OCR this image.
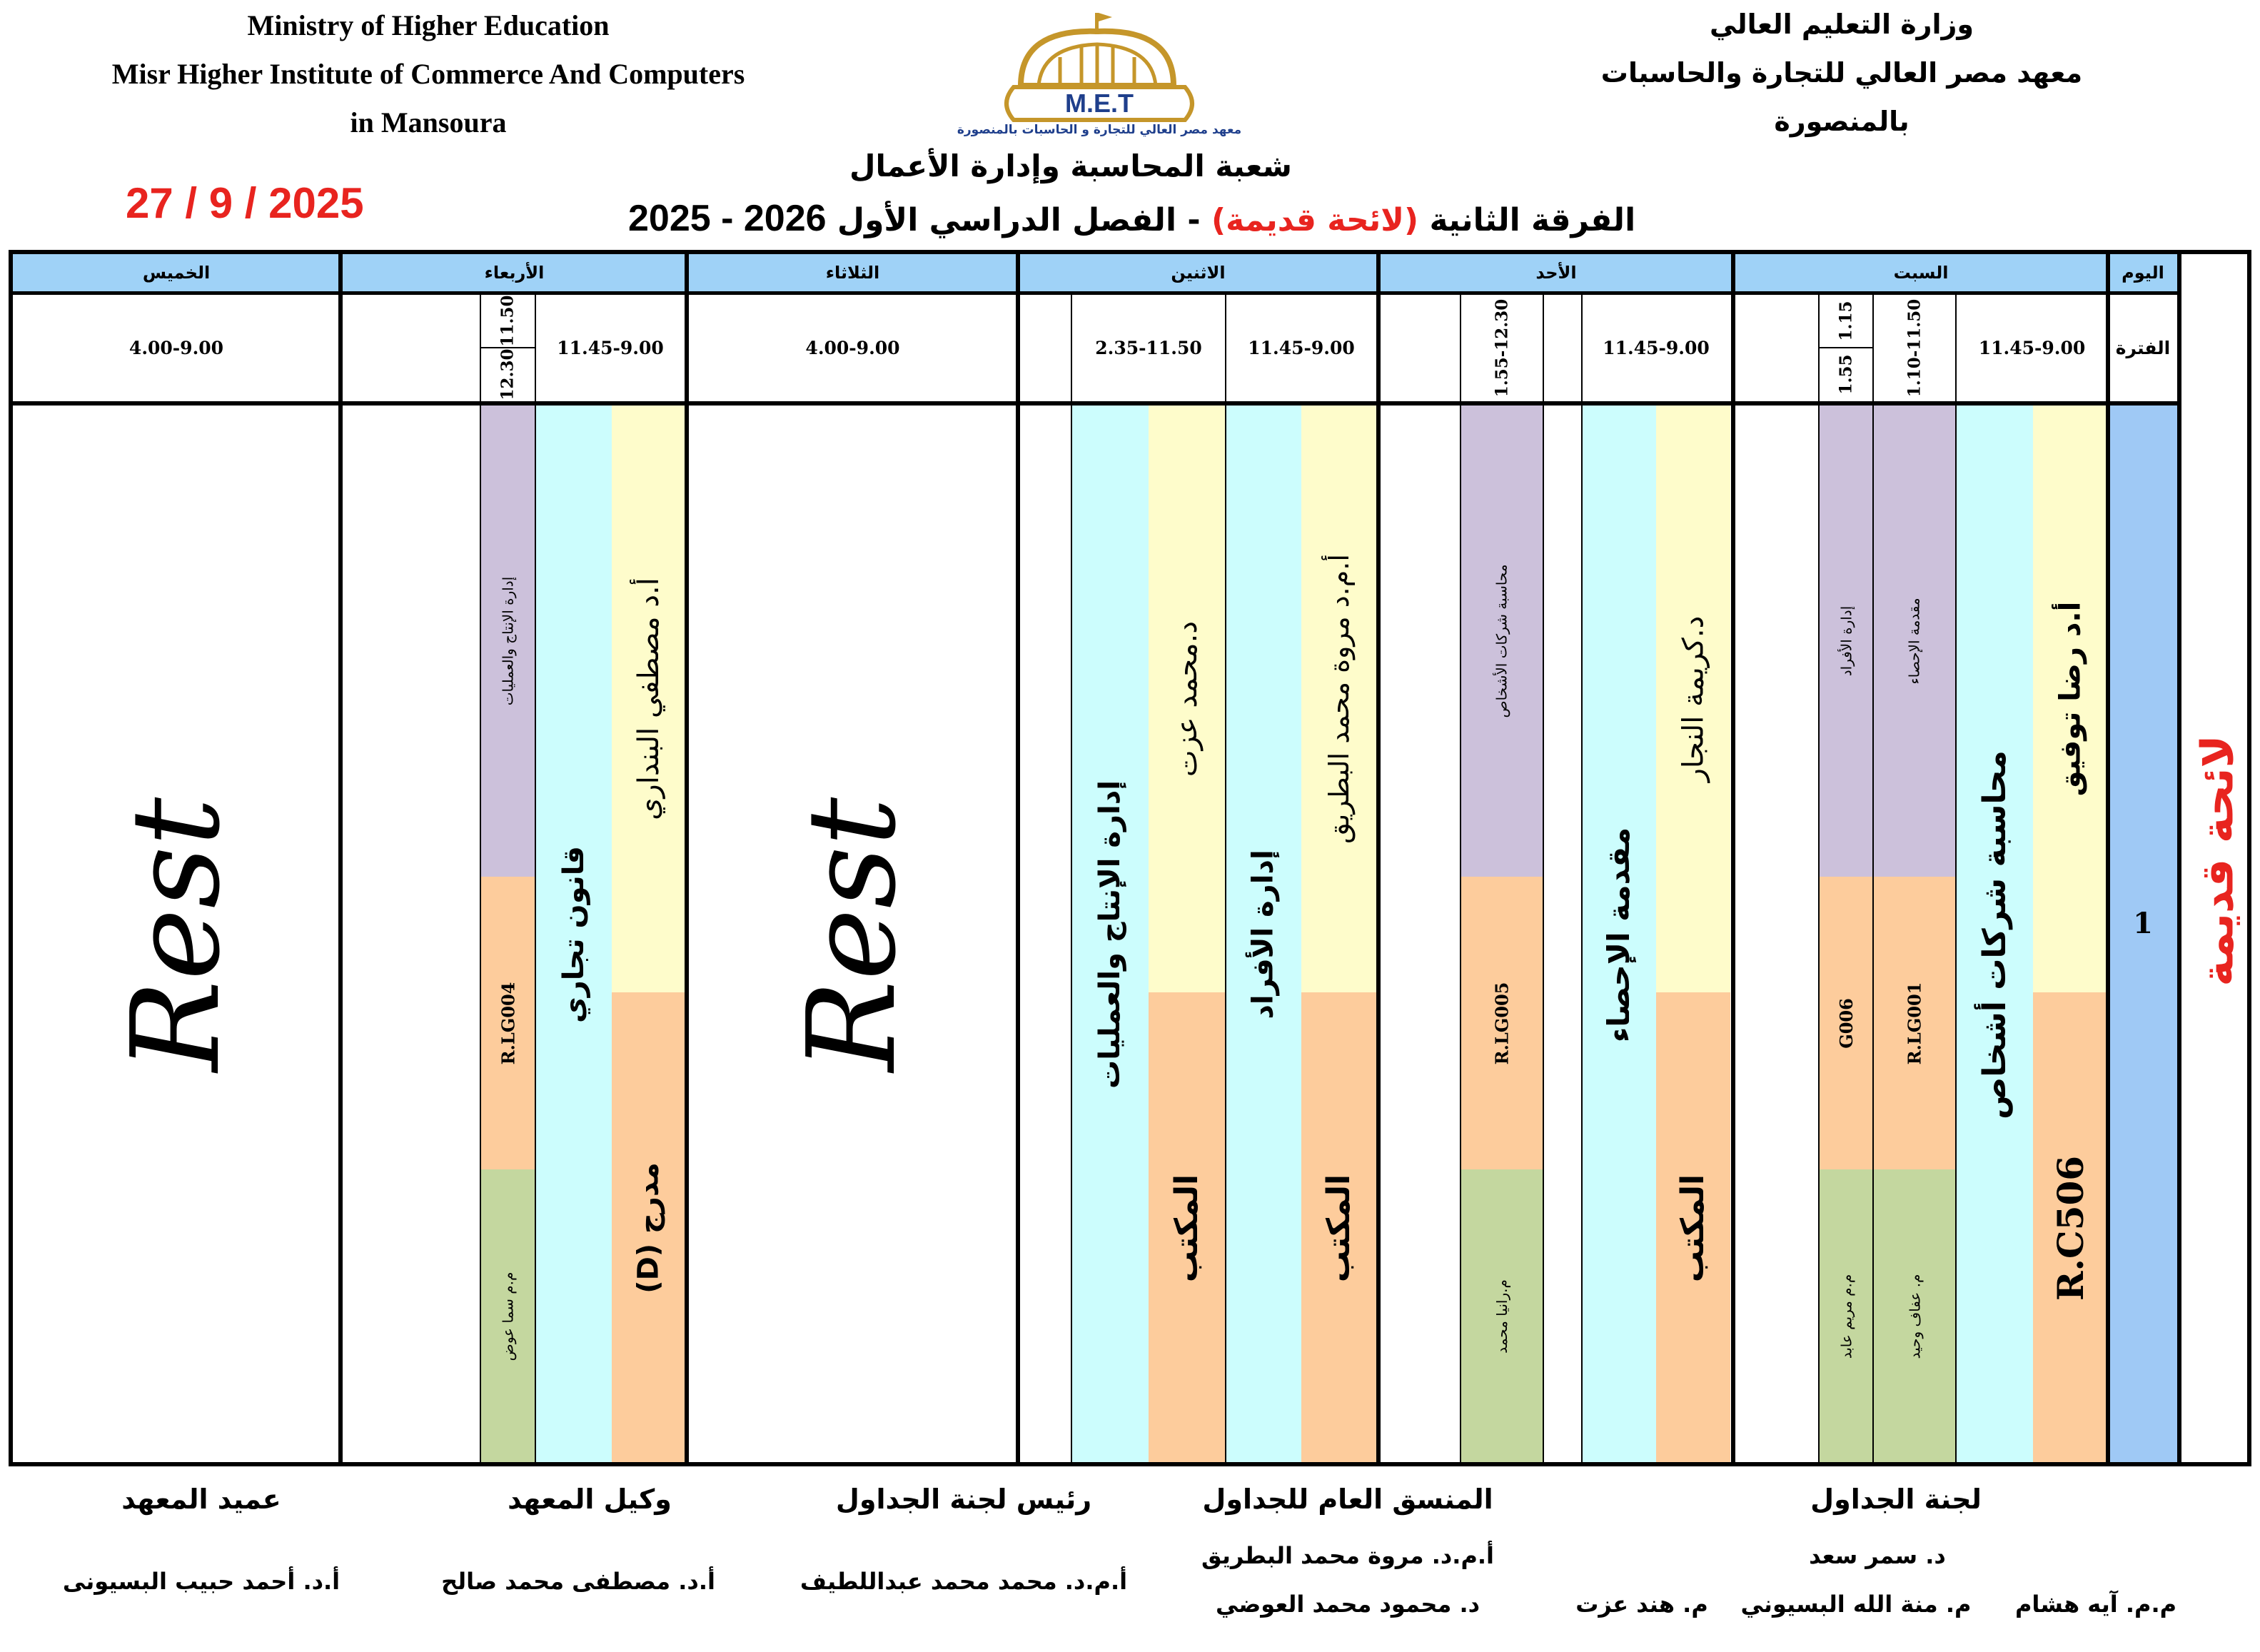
Ministry of Higher Education
Misr Higher Institute of Commerce And Computers
in Mansoura
وزارة التعليم العالي
معهد مصر العالي للتجارة والحاسبات
بالمنصورة
M.E.T
معهد مصر العالي للتجارة و الحاسبات بالمنصورة
شعبة المحاسبة وإدارة الأعمال
الفرقة الثانية (لائحة قديمة) - الفصل الدراسي الأول 2025 - 2026
27 / 9 / 2025
1 لائحة قديمة
اليوم
السبت
الأحد
الاثنين
الثلاثاء
الأربعاء
الخميس
الفترة
11.45-9.00
1.10-11.50
1.15
1.55
11.45-9.00
1.55-12.30
11.45-9.00
2.35-11.50
4.00-9.00
11.45-9.00
11.50
12.30
4.00-9.00
أ.د رضا توفيق
R.C506
محاسبة شركات أشخاص
مقدمة الإحصاء
R.LG001
م. عفاف وحيد
إدارة الأفراد
G006
م.م مريم عابد
د.كريمة النجار
المكتب
مقدمة الإحصاء
محاسبة شركات الأشخاص
R.LG005
م.رانيا محمد
أ.م.د مروة محمد البطريق
المكتب
إدارة الأفراد
د.محمد عزت
المكتب
إدارة الإنتاج والعمليات
Rest
أ.د مصطفي البنداري
مدرج (D)
قانون تجاري
إدارة الإنتاج والعمليات
R.LG004
م.م سما عوض
Rest
لجنة الجداول
د. سمر سعد
م.م. آيه هشام
م. منة الله البسيوني
م. هند عزت
المنسق العام للجداول
أ.م.د. مروة محمد البطريق
د. محمود محمد العوضي
رئيس لجنة الجداول
أ.م.د. محمد محمد عبداللطيف
وكيل المعهد
أ.د. مصطفى محمد صالح
عميد المعهد
أ.د. أحمد حبيب البسيونى
